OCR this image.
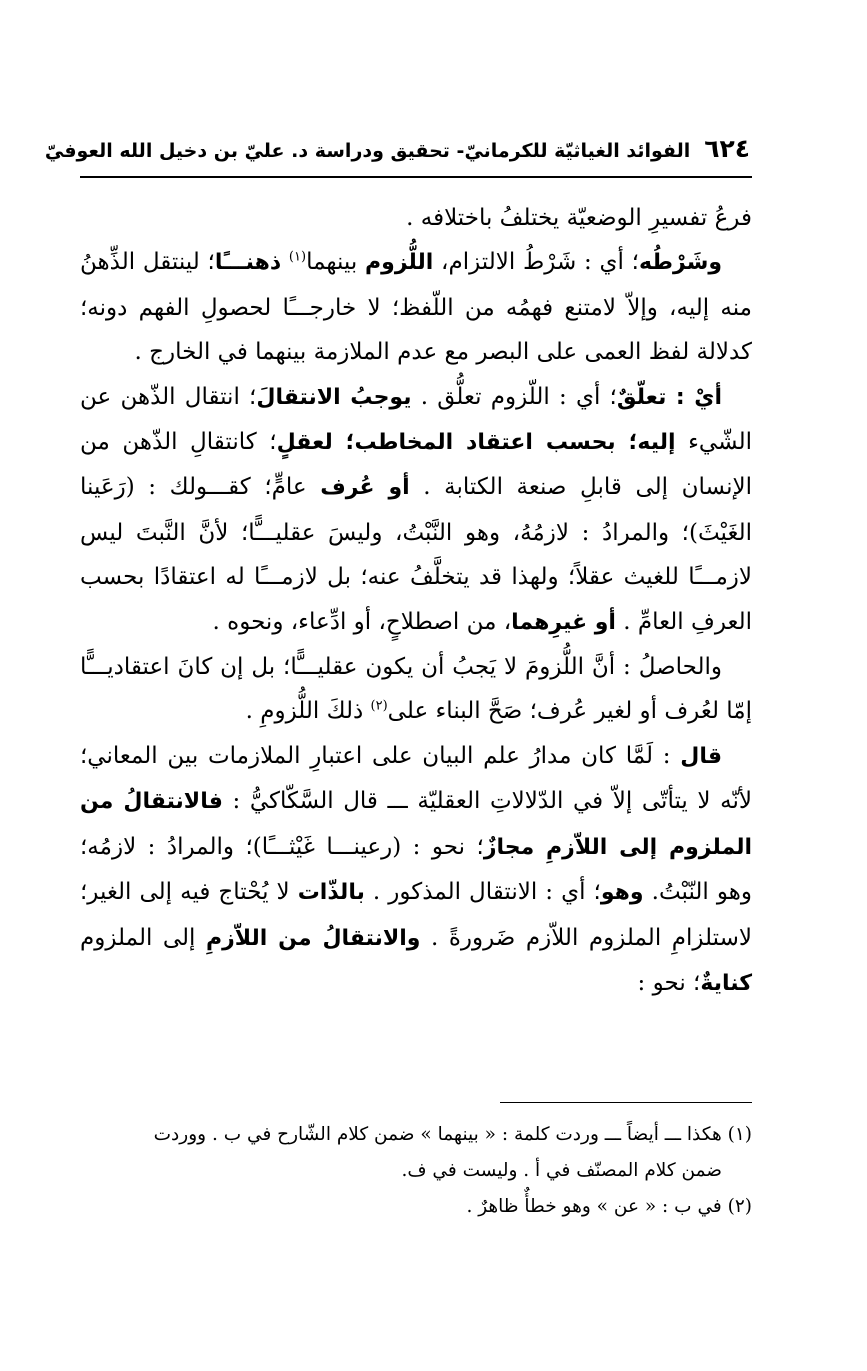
٦٢٤
الفوائد الغياثيّة للكرمانيّ- تحقيق ودراسة د. عليّ بن دخيل الله العوفيّ

فرعُ تفسيرِ الوضعيّة يختلفُ باختلافه .

وشَرْطُه؛ أي : شَرْطُ الالتزام، اللُّزوم بينهما$^{(١)}$ ذهنـــًا؛ لينتقل الذِّهنُ منه إليه، وإلاّ لامتنع فهمُه من اللّفظ؛ لا خارجـــًا لحصولِ الفهم دونه؛ كدلالة لفظ العمى على البصر مع عدم الملازمة بينهما في الخارج .

أيْ : تعلّقٌ؛ أي : اللّزوم تعلُّق . يوجبُ الانتقالَ؛ انتقال الذّهن عن الشّيء إليه؛ بحسب اعتقاد المخاطب؛ لعقلٍ؛ كانتقالِ الذّهن من الإنسان إلى قابلِ صنعة الكتابة . أو عُرف عامٍّ؛ كقـــولك : (رَعَينا الغَيْثَ)؛ والمرادُ : لازمُهُ، وهو النَّبْتُ، وليسَ عقليـــًّا؛ لأنَّ النَّبتَ ليس لازمـــًا للغيث عقلاً؛ ولهذا قد يتخلَّفُ عنه؛ بل لازمـــًا له اعتقادًا بحسب العرفِ العامِّ . أو غيرِهما، من اصطلاحٍ، أو ادِّعاء، ونحوه .

والحاصلُ : أنَّ اللُّزومَ لا يَجبُ أن يكون عقليـــًّا؛ بل إن كانَ اعتقاديـــًّا إمّا لعُرف أو لغير عُرف؛ صَحَّ البناء على$^{(٢)}$ ذلكَ اللُّزومِ .

قال : لَمَّا كان مدارُ علم البيان على اعتبارِ الملازمات بين المعاني؛ لأنّه لا يتأتّى إلاّ في الدّلالاتِ العقليّة ـــ قال السَّكّاكيُّ : فالانتقالُ من الملزوم إلى اللاّزمِ مجازٌ؛ نحو : (رعينـــا غَيْثـــًا)؛ والمرادُ : لازمُه؛ وهو النّبْتُ. وهو؛ أي : الانتقال المذكور . بالذّات لا يُحْتاج فيه إلى الغير؛ لاستلزامِ الملزوم اللاّزم ضَرورةً . والانتقالُ من اللاّزمِ إلى الملزوم كنايةٌ؛ نحو :

(١) هكذا ـــ أيضاً ـــ وردت كلمة : « بينهما » ضمن كلام الشّارح في ب . ووردت

ضمن كلام المصنّف في أ . وليست في ف.

(٢) في ب : « عن » وهو خطأٌ ظاهرٌ .
